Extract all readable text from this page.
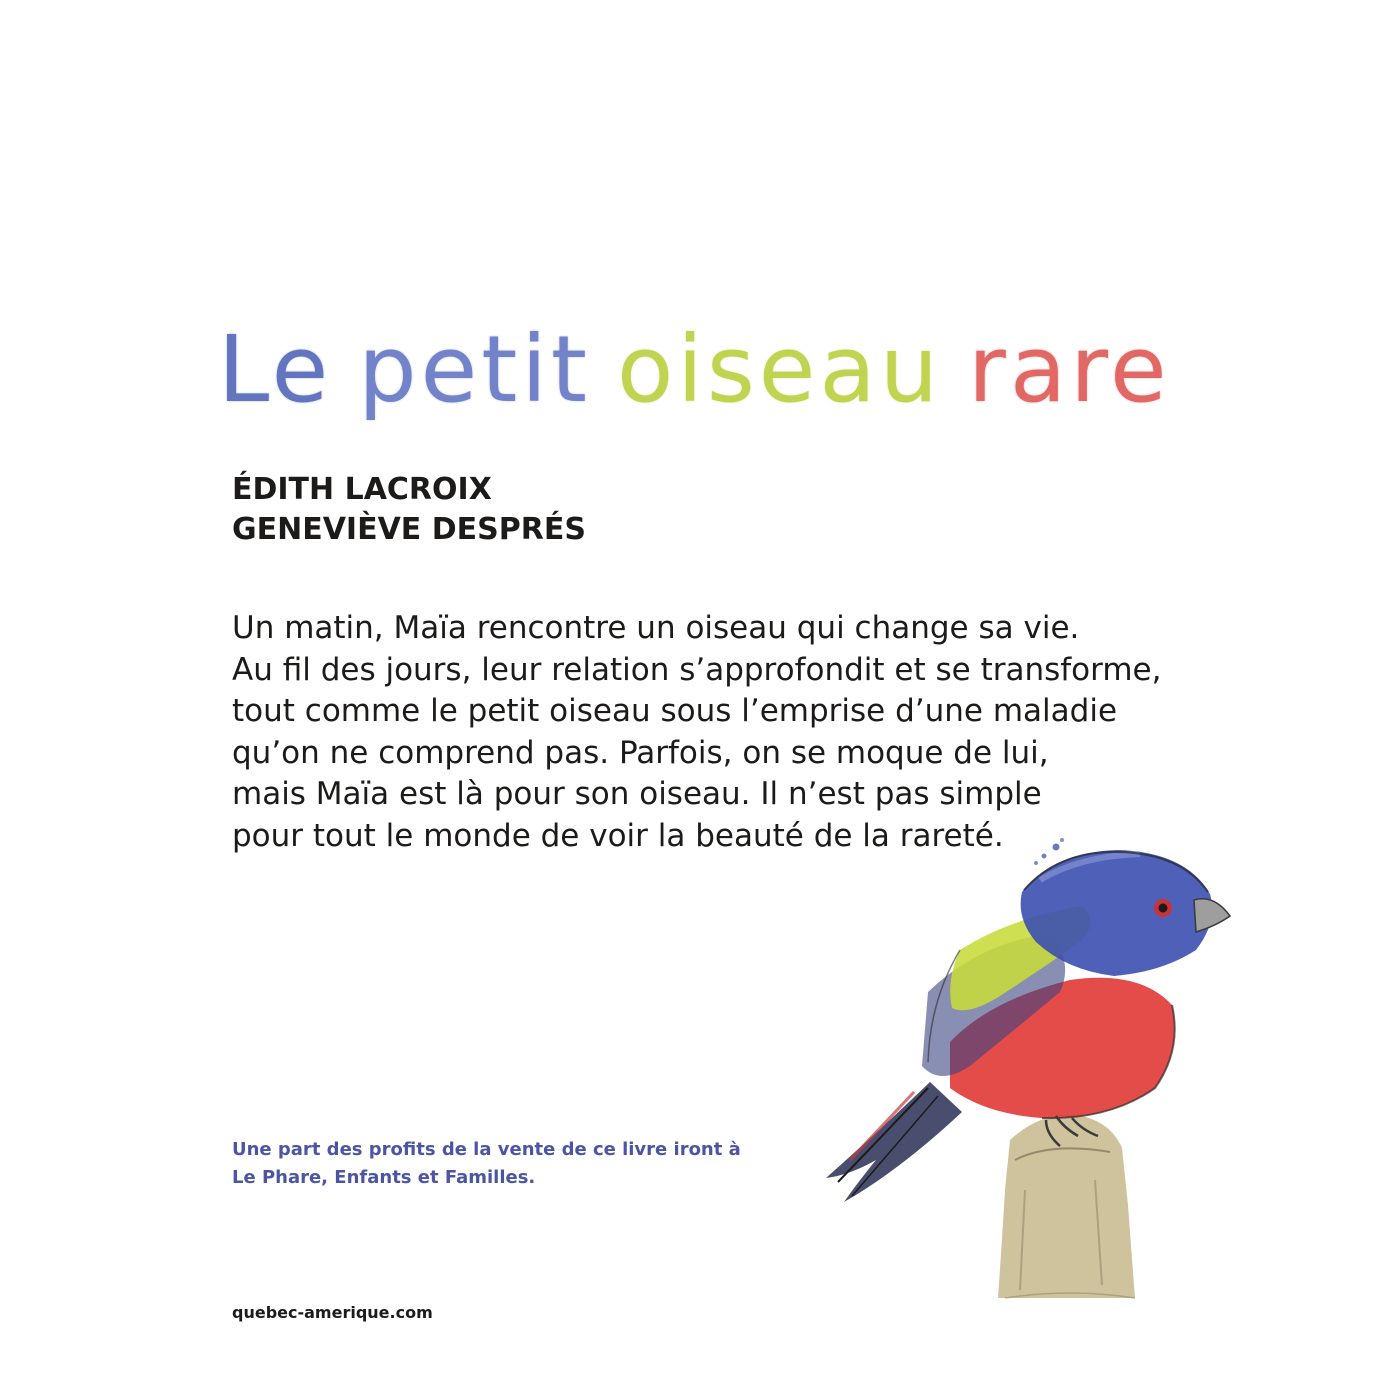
Le petit oiseau rare
ÉDITH LACROIX
GENEVIÈVE DESPRÉS
Un matin, Maïa rencontre un oiseau qui change sa vie.
Au fil des jours, leur relation s’approfondit et se transforme,
tout comme le petit oiseau sous l’emprise d’une maladie
qu’on ne comprend pas. Parfois, on se moque de lui,
mais Maïa est là pour son oiseau. Il n’est pas simple
pour tout le monde de voir la beauté de la rareté.
Une part des profits de la vente de ce livre iront à
Le Phare, Enfants et Familles.
quebec-amerique.com
